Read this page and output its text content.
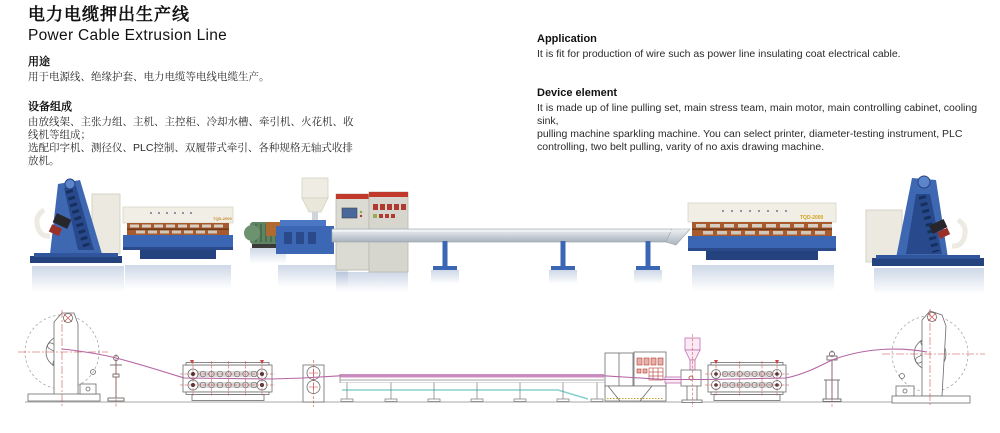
电力电缆押出生产线
Power Cable Extrusion Line
用途

用于电源线、绝缘护套、电力电缆等电线电缆生产。

设备组成

由放线架、主张力组、主机、主控柜、冷却水槽、牵引机、火花机、收线机等组成；

选配印字机、测径仪、PLC控制、双履带式牵引、各种规格无轴式收排放机。

Application

It is fit for production of wire such as power line insulating coat electrical cable.

Device element

It is made up of line pulling set, main stress team, main motor, main controlling cabinet, cooling sink,

pulling machine sparkling machine. You can select printer, diameter-testing instrument, PLC

controlling, two belt pulling, varity of no axis drawing machine.

TQD-2000	TQD-2000
